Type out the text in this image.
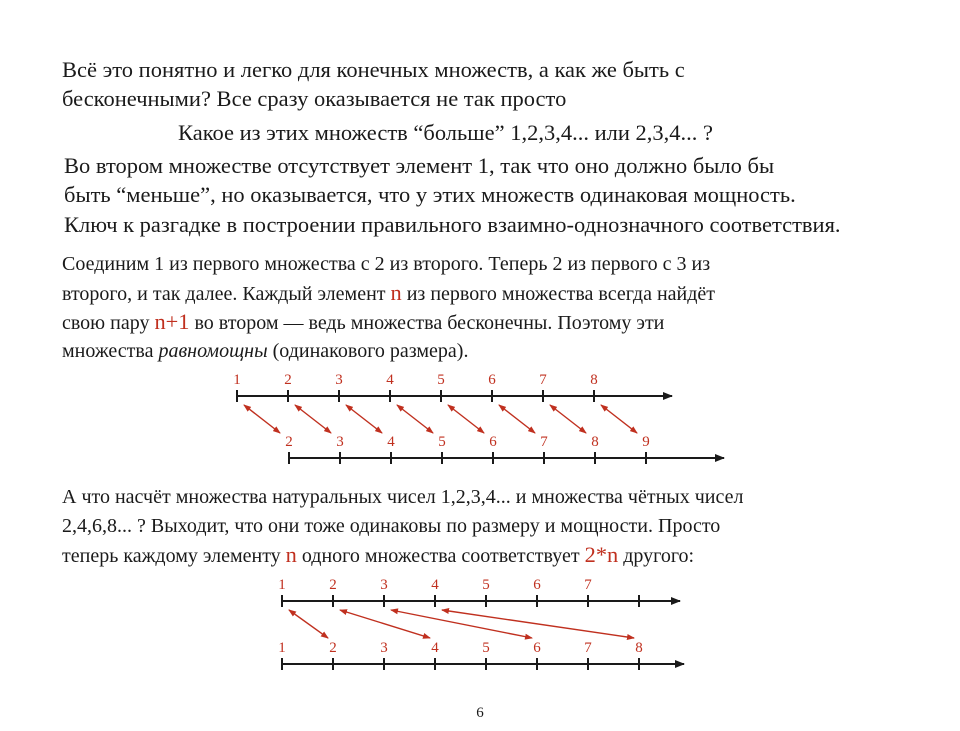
Всё это понятно и легко для конечных множеств, а как же быть с

бесконечными? Все сразу оказывается не так просто

Какое из этих множеств “больше” 1,2,3,4... или 2,3,4... ?

Во втором множестве отсутствует элемент 1, так что оно должно было бы

быть “меньше”, но оказывается, что у этих множеств одинаковая мощность.

Ключ к разгадке в построении правильного взаимно-однозначного соответствия.

Соединим 1 из первого множества с 2 из второго. Теперь 2 из первого с 3 из

второго, и так далее. Каждый элемент n из первого множества всегда найдёт

свою пару n+1 во втором — ведь множества бесконечны. Поэтому эти

множества равномощны (одинакового размера).

1	2	3	4	5	6	7	8
2	3	4	5	6	7	8	9

А что насчёт множества натуральных чисел 1,2,3,4... и множества чётных чисел

2,4,6,8... ? Выходит, что они тоже одинаковы по размеру и мощности. Просто

теперь каждому элементу n одного множества соответствует 2*n другого:

1	2	3	4	5	6	7
1	2	3	4	5	6	7	8
6
